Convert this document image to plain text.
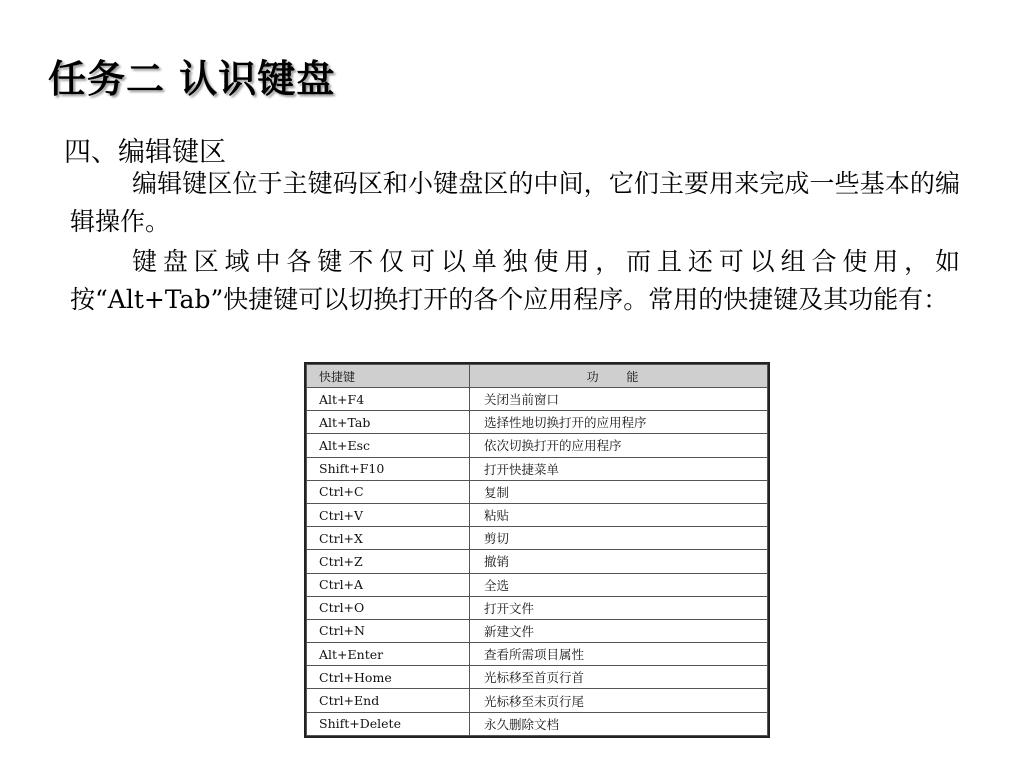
任务二 认识键盘
四、编辑键区

编辑键区位于主键码区和小键盘区的中间，它们主要用来完成一些基本的编辑操作。

键盘区域中各键不仅可以单独使用，而且还可以组合使用，如按“Alt+Tab”快捷键可以切换打开的各个应用程序。常用的快捷键及其功能有：

快捷键	功 能
Alt+F4	关闭当前窗口
Alt+Tab	选择性地切换打开的应用程序
Alt+Esc	依次切换打开的应用程序
Shift+F10	打开快捷菜单
Ctrl+C	复制
Ctrl+V	粘贴
Ctrl+X	剪切
Ctrl+Z	撤销
Ctrl+A	全选
Ctrl+O	打开文件
Ctrl+N	新建文件
Alt+Enter	查看所需项目属性
Ctrl+Home	光标移至首页行首
Ctrl+End	光标移至末页行尾
Shift+Delete	永久删除文档
